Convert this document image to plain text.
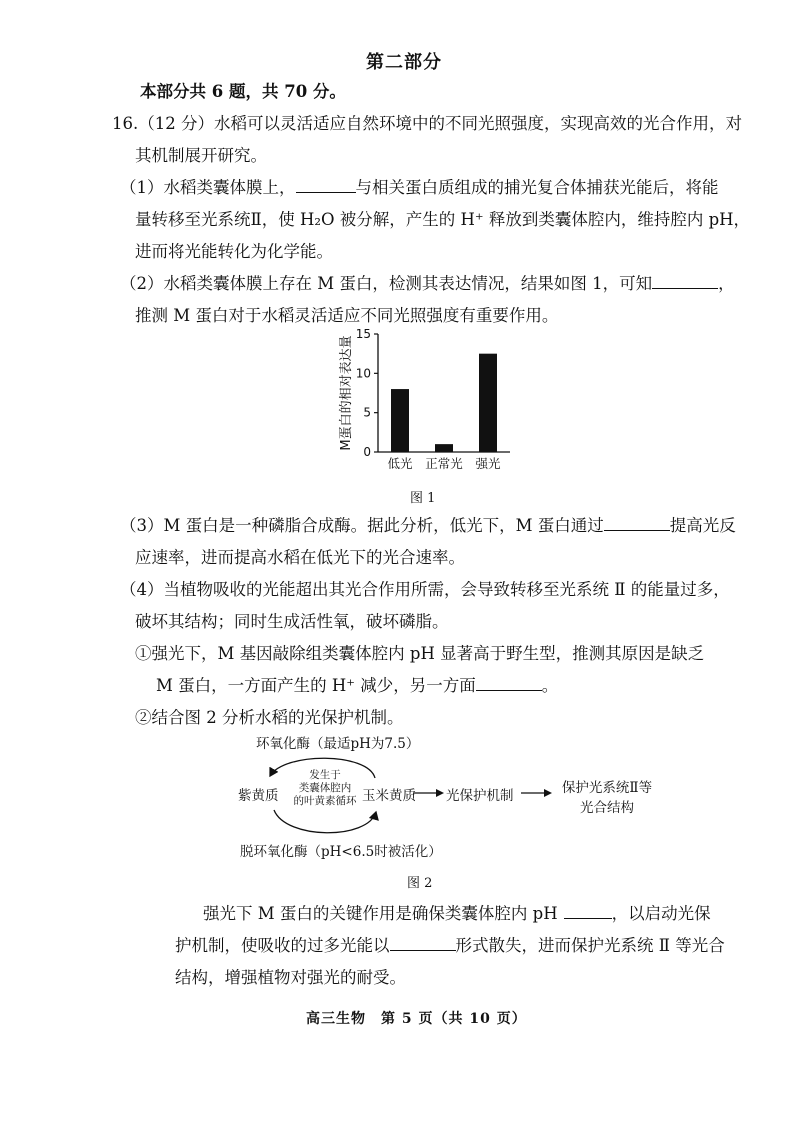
第二部分
本部分共 6 题，共 70 分。
16.（12 分）水稻可以灵活适应自然环境中的不同光照强度，实现高效的光合作用，对
其机制展开研究。
（1）水稻类囊体膜上，	与相关蛋白质组成的捕光复合体捕获光能后，将能
量转移至光系统Ⅱ，使 H₂O 被分解，产生的 H⁺ 释放到类囊体腔内，维持腔内 pH，
进而将光能转化为化学能。
（2）水稻类囊体膜上存在 M 蛋白，检测其表达情况，结果如图 1，可知	，
推测 M 蛋白对于水稻灵活适应不同光照强度有重要作用。
0
5
10
15
M蛋白的相对表达量
低光 正常光 强光
图 1
（3）M 蛋白是一种磷脂合成酶。据此分析，低光下，M 蛋白通过	提高光反
应速率，进而提高水稻在低光下的光合速率。
（4）当植物吸收的光能超出其光合作用所需，会导致转移至光系统 Ⅱ 的能量过多，
破坏其结构；同时生成活性氧，破坏磷脂。
①强光下，M 基因敲除组类囊体腔内 pH 显著高于野生型，推测其原因是缺乏
M 蛋白，一方面产生的 H⁺ 减少，另一方面	。
②结合图 2 分析水稻的光保护机制。
环氧化酶（最适pH为7.5）
紫黄质
发生于
类囊体腔内
的叶黄素循环 玉米黄质 光保护机制	保护光系统Ⅱ等
光合结构
脱环氧化酶（pH<6.5时被活化）
图 2
强光下 M 蛋白的关键作用是确保类囊体腔内 pH	，以启动光保
护机制，使吸收的过多光能以	形式散失，进而保护光系统 Ⅱ 等光合
结构，增强植物对强光的耐受。
高三生物　第 5 页（共 10 页）
